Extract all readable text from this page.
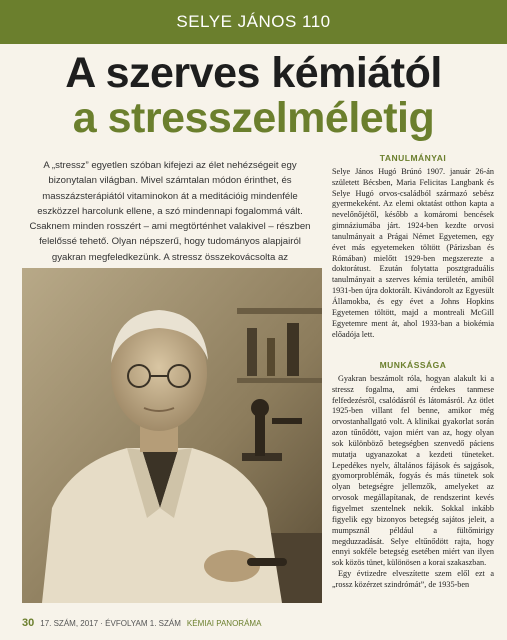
SELYE JÁNOS 110
A szerves kémiától
a stresszelméletig

A „stressz” egyetlen szóban kifejezi az élet nehézségeit egy bizonytalan világban. Mivel számtalan módon érinthet, és masszázsterápiától vitaminokon át a meditációig mindenféle eszközzel harcolunk ellene, a szó mindennapi fogalommá vált. Csaknem minden rosszért – ami megtörténhet valakivel – részben felelőssé tehető. Olyan népszerű, hogy tudományos alapjairól gyakran megfeledkezünk. A stressz összekovácsolta az

TANULMÁNYAI

Selye János Hugó Brúnó 1907. január 26-án született Bécsben, Maria Felicitas Langbank és Selye Hugó orvos-családból származó sebész gyermekeként. Az elemi oktatást otthon kapta a nevelőnőjétől, később a komáromi bencések gimnáziumába járt. 1924-ben kezdte orvosi tanulmányait a Prágai Német Egyetemen, egy évet más egyetemeken töltött (Párizsban és Rómában) mielőtt 1929-ben megszerezte a doktorátust. Ezután folytatta posztgraduális tanulmányait a szerves kémia területén, amiből 1931-ben újra doktorált. Kivándorolt az Egyesült Államokba, és egy évet a Johns Hopkins Egyetemen töltött, majd a montreali McGill Egyetemre ment át, ahol 1933-ban a biokémia előadója lett.

MUNKÁSSÁGA

Gyakran beszámolt róla, hogyan alakult ki a stressz fogalma, ami érdekes tanmese felfedezésről, csalódásról és látomásról. Az ötlet 1925-ben villant fel benne, amikor még orvostanhallgató volt. A klinikai gyakorlat során azon tűnődött, vajon miért van az, hogy olyan sok különböző betegségben szenvedő páciens mutatja ugyanazokat a kezdeti tüneteket. Lepedékes nyelv, általános fájások és sajgások, gyomorproblémák, fogyás és más tünetek sok olyan betegségre jellemzők, amelyeket az orvosok megállapítanak, de rendszerint kevés figyelmet szentelnek nekik. Sokkal inkább figyelik egy bizonyos betegség sajátos jeleit, a mumpsznál például a fültőmirigy megduzzadását. Selye eltűnődött rajta, hogy ennyi sokféle betegség esetében miért van ilyen sok közös tünet, különösen a korai szakaszban.

Egy évtizedre elveszítette szem elől ezt a „rossz közérzet szindrómát”, de 1935-ben

30 17. SZÁM, 2017 · ÉVFOLYAM 1. SZÁM KÉMIAI PANORÁMA
